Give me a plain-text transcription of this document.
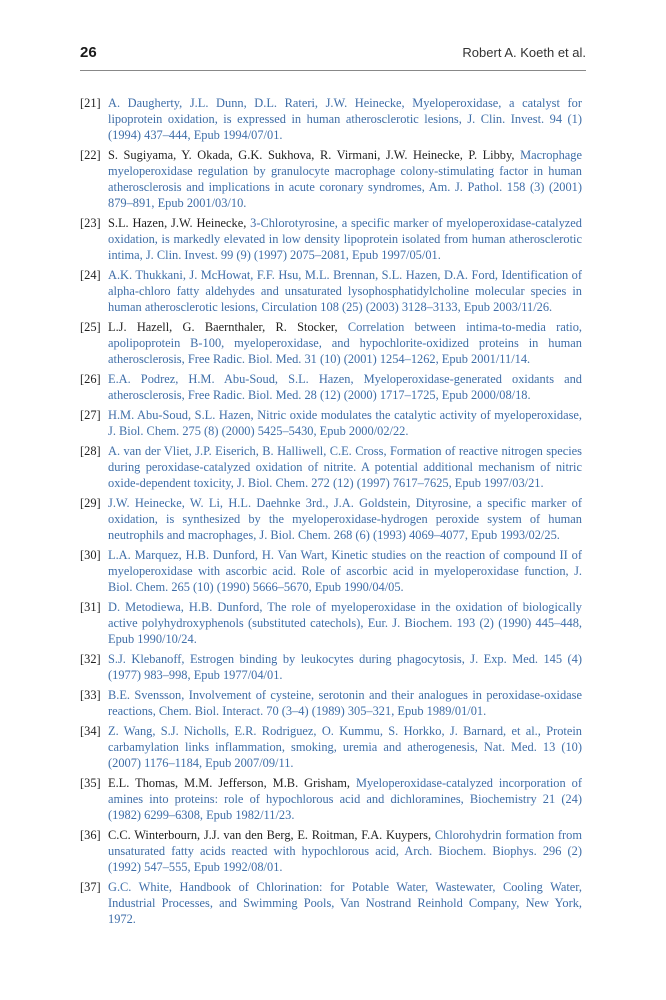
26	Robert A. Koeth et al.
[21] A. Daugherty, J.L. Dunn, D.L. Rateri, J.W. Heinecke, Myeloperoxidase, a catalyst for lipoprotein oxidation, is expressed in human atherosclerotic lesions, J. Clin. Invest. 94 (1) (1994) 437–444, Epub 1994/07/01.
[22] S. Sugiyama, Y. Okada, G.K. Sukhova, R. Virmani, J.W. Heinecke, P. Libby, Macrophage myeloperoxidase regulation by granulocyte macrophage colony-stimulating factor in human atherosclerosis and implications in acute coronary syndromes, Am. J. Pathol. 158 (3) (2001) 879–891, Epub 2001/03/10.
[23] S.L. Hazen, J.W. Heinecke, 3-Chlorotyrosine, a specific marker of myeloperoxidase-catalyzed oxidation, is markedly elevated in low density lipoprotein isolated from human atherosclerotic intima, J. Clin. Invest. 99 (9) (1997) 2075–2081, Epub 1997/05/01.
[24] A.K. Thukkani, J. McHowat, F.F. Hsu, M.L. Brennan, S.L. Hazen, D.A. Ford, Identification of alpha-chloro fatty aldehydes and unsaturated lysophosphatidylcholine molecular species in human atherosclerotic lesions, Circulation 108 (25) (2003) 3128–3133, Epub 2003/11/26.
[25] L.J. Hazell, G. Baernthaler, R. Stocker, Correlation between intima-to-media ratio, apolipoprotein B-100, myeloperoxidase, and hypochlorite-oxidized proteins in human atherosclerosis, Free Radic. Biol. Med. 31 (10) (2001) 1254–1262, Epub 2001/11/14.
[26] E.A. Podrez, H.M. Abu-Soud, S.L. Hazen, Myeloperoxidase-generated oxidants and atherosclerosis, Free Radic. Biol. Med. 28 (12) (2000) 1717–1725, Epub 2000/08/18.
[27] H.M. Abu-Soud, S.L. Hazen, Nitric oxide modulates the catalytic activity of myeloperoxidase, J. Biol. Chem. 275 (8) (2000) 5425–5430, Epub 2000/02/22.
[28] A. van der Vliet, J.P. Eiserich, B. Halliwell, C.E. Cross, Formation of reactive nitrogen species during peroxidase-catalyzed oxidation of nitrite. A potential additional mechanism of nitric oxide-dependent toxicity, J. Biol. Chem. 272 (12) (1997) 7617–7625, Epub 1997/03/21.
[29] J.W. Heinecke, W. Li, H.L. Daehnke 3rd., J.A. Goldstein, Dityrosine, a specific marker of oxidation, is synthesized by the myeloperoxidase-hydrogen peroxide system of human neutrophils and macrophages, J. Biol. Chem. 268 (6) (1993) 4069–4077, Epub 1993/02/25.
[30] L.A. Marquez, H.B. Dunford, H. Van Wart, Kinetic studies on the reaction of compound II of myeloperoxidase with ascorbic acid. Role of ascorbic acid in myeloperoxidase function, J. Biol. Chem. 265 (10) (1990) 5666–5670, Epub 1990/04/05.
[31] D. Metodiewa, H.B. Dunford, The role of myeloperoxidase in the oxidation of biologically active polyhydroxyphenols (substituted catechols), Eur. J. Biochem. 193 (2) (1990) 445–448, Epub 1990/10/24.
[32] S.J. Klebanoff, Estrogen binding by leukocytes during phagocytosis, J. Exp. Med. 145 (4) (1977) 983–998, Epub 1977/04/01.
[33] B.E. Svensson, Involvement of cysteine, serotonin and their analogues in peroxidase-oxidase reactions, Chem. Biol. Interact. 70 (3–4) (1989) 305–321, Epub 1989/01/01.
[34] Z. Wang, S.J. Nicholls, E.R. Rodriguez, O. Kummu, S. Horkko, J. Barnard, et al., Protein carbamylation links inflammation, smoking, uremia and atherogenesis, Nat. Med. 13 (10) (2007) 1176–1184, Epub 2007/09/11.
[35] E.L. Thomas, M.M. Jefferson, M.B. Grisham, Myeloperoxidase-catalyzed incorporation of amines into proteins: role of hypochlorous acid and dichloramines, Biochemistry 21 (24) (1982) 6299–6308, Epub 1982/11/23.
[36] C.C. Winterbourn, J.J. van den Berg, E. Roitman, F.A. Kuypers, Chlorohydrin formation from unsaturated fatty acids reacted with hypochlorous acid, Arch. Biochem. Biophys. 296 (2) (1992) 547–555, Epub 1992/08/01.
[37] G.C. White, Handbook of Chlorination: for Potable Water, Wastewater, Cooling Water, Industrial Processes, and Swimming Pools, Van Nostrand Reinhold Company, New York, 1972.
